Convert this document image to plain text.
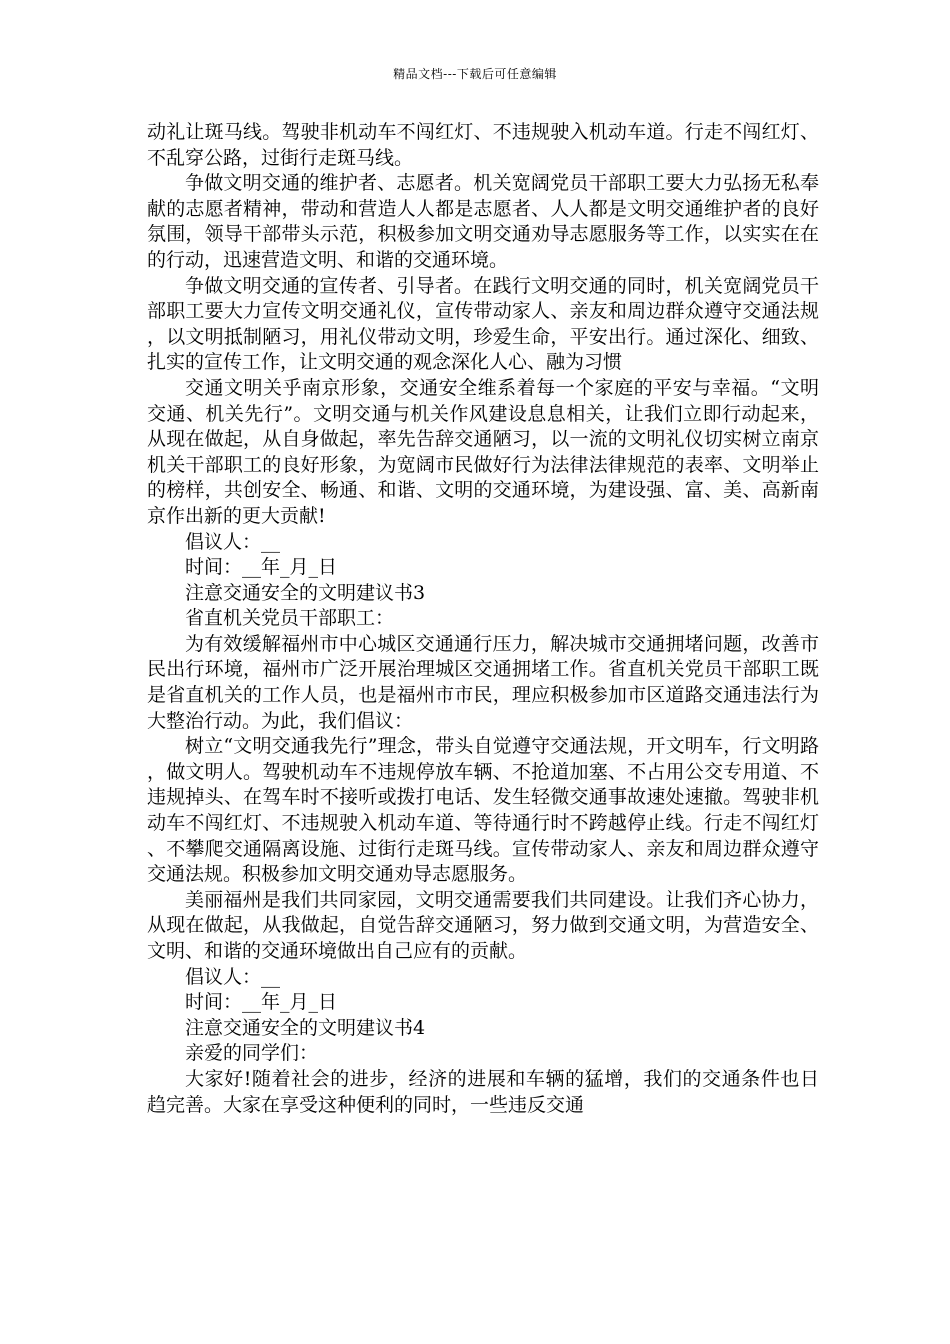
精品文档---下载后可任意编辑

动礼让斑马线。驾驶非机动车不闯红灯、不违规驶入机动车道。行走不闯红灯、不乱穿公路，过街行走斑马线。

争做文明交通的维护者、志愿者。机关宽阔党员干部职工要大力弘扬无私奉献的志愿者精神，带动和营造人人都是志愿者、人人都是文明交通维护者的良好氛围，领导干部带头示范，积极参加文明交通劝导志愿服务等工作，以实实在在的行动，迅速营造文明、和谐的交通环境。

争做文明交通的宣传者、引导者。在践行文明交通的同时，机关宽阔党员干部职工要大力宣传文明交通礼仪，宣传带动家人、亲友和周边群众遵守交通法规，以文明抵制陋习，用礼仪带动文明，珍爱生命，平安出行。通过深化、细致、扎实的宣传工作，让文明交通的观念深化人心、融为习惯

交通文明关乎南京形象，交通安全维系着每一个家庭的平安与幸福。“文明交通、机关先行”。文明交通与机关作风建设息息相关，让我们立即行动起来，从现在做起，从自身做起，率先告辞交通陋习，以一流的文明礼仪切实树立南京机关干部职工的良好形象，为宽阔市民做好行为法律法律规范的表率、文明举止的榜样，共创安全、畅通、和谐、文明的交通环境，为建设强、富、美、高新南京作出新的更大贡献!

倡议人：__

时间：__年_月_日

注意交通安全的文明建议书3

省直机关党员干部职工：

为有效缓解福州市中心城区交通通行压力，解决城市交通拥堵问题，改善市民出行环境，福州市广泛开展治理城区交通拥堵工作。省直机关党员干部职工既是省直机关的工作人员，也是福州市市民，理应积极参加市区道路交通违法行为大整治行动。为此，我们倡议：

树立“文明交通我先行”理念，带头自觉遵守交通法规，开文明车，行文明路，做文明人。驾驶机动车不违规停放车辆、不抢道加塞、不占用公交专用道、不违规掉头、在驾车时不接听或拨打电话、发生轻微交通事故速处速撤。驾驶非机动车不闯红灯、不违规驶入机动车道、等待通行时不跨越停止线。行走不闯红灯、不攀爬交通隔离设施、过街行走斑马线。宣传带动家人、亲友和周边群众遵守交通法规。积极参加文明交通劝导志愿服务。

美丽福州是我们共同家园，文明交通需要我们共同建设。让我们齐心协力，从现在做起，从我做起，自觉告辞交通陋习，努力做到交通文明，为营造安全、文明、和谐的交通环境做出自己应有的贡献。

倡议人：__

时间：__年_月_日

注意交通安全的文明建议书4

亲爱的同学们：

大家好!随着社会的进步，经济的进展和车辆的猛增，我们的交通条件也日趋完善。大家在享受这种便利的同时，一些违反交通
